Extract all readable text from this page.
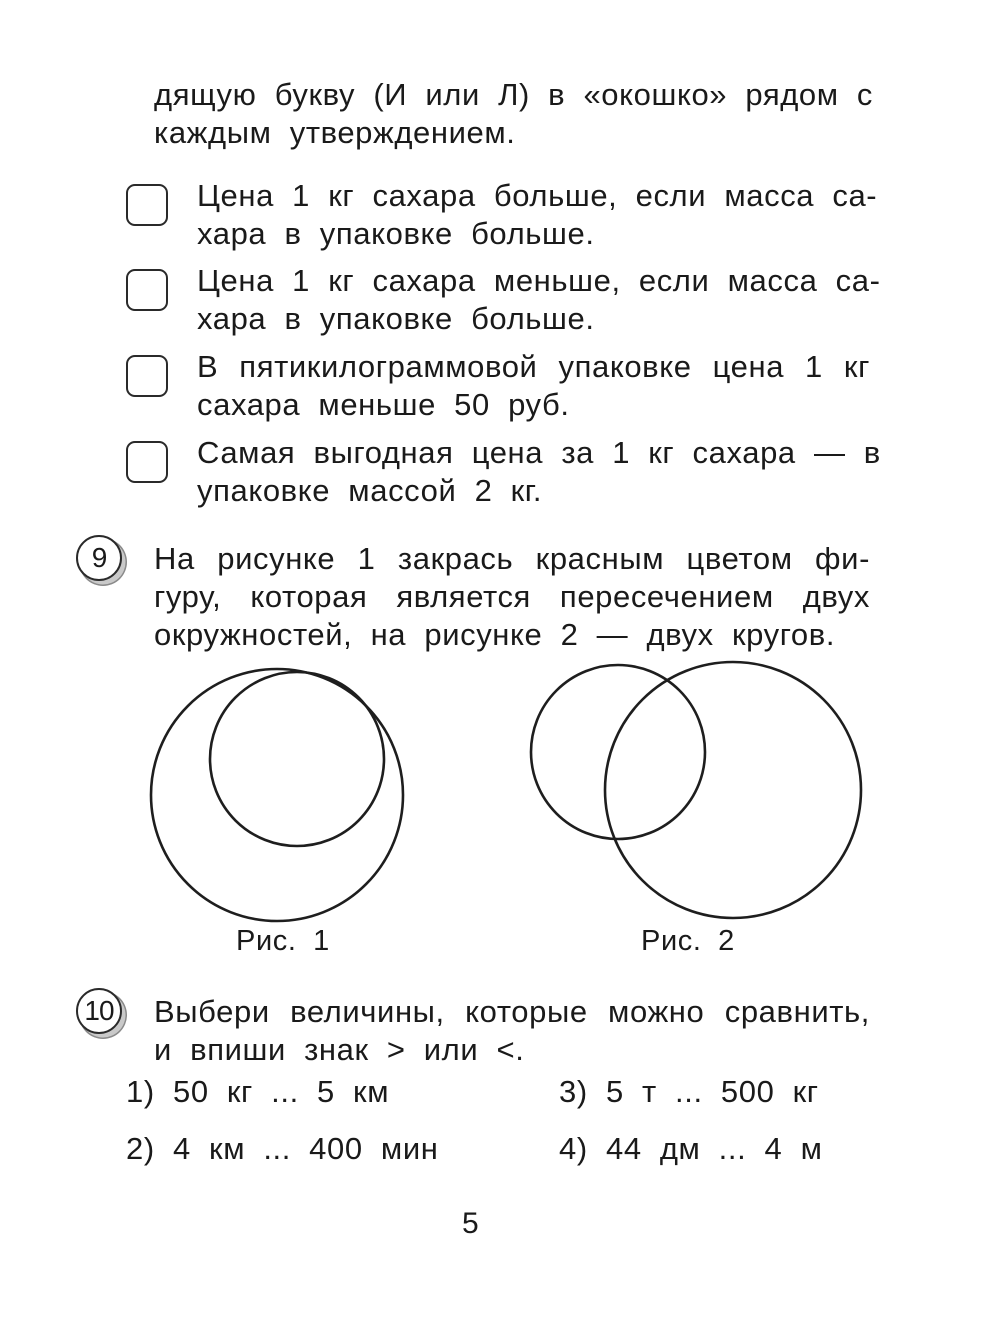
дящую букву (И или Л) в «окошко» рядом с
каждым утверждением.
Цена 1 кг сахара больше, если масса са-
хара в упаковке больше.
Цена 1 кг сахара меньше, если масса са-
хара в упаковке больше.
В пятикилограммовой упаковке цена 1 кг
сахара меньше 50 руб.
Самая выгодная цена за 1 кг сахара — в
упаковке массой 2 кг.
9	На рисунке 1 закрась красным цветом фи-
гуру, которая является пересечением двух
окружностей, на рисунке 2 — двух кругов.
Рис. 1	Рис. 2
10 Выбери величины, которые можно сравнить,
и впиши знак > или <.
1) 50 кг ... 5 км	3) 5 т ... 500 кг
2) 4 км ... 400 мин	4) 44 дм ... 4 м
5
